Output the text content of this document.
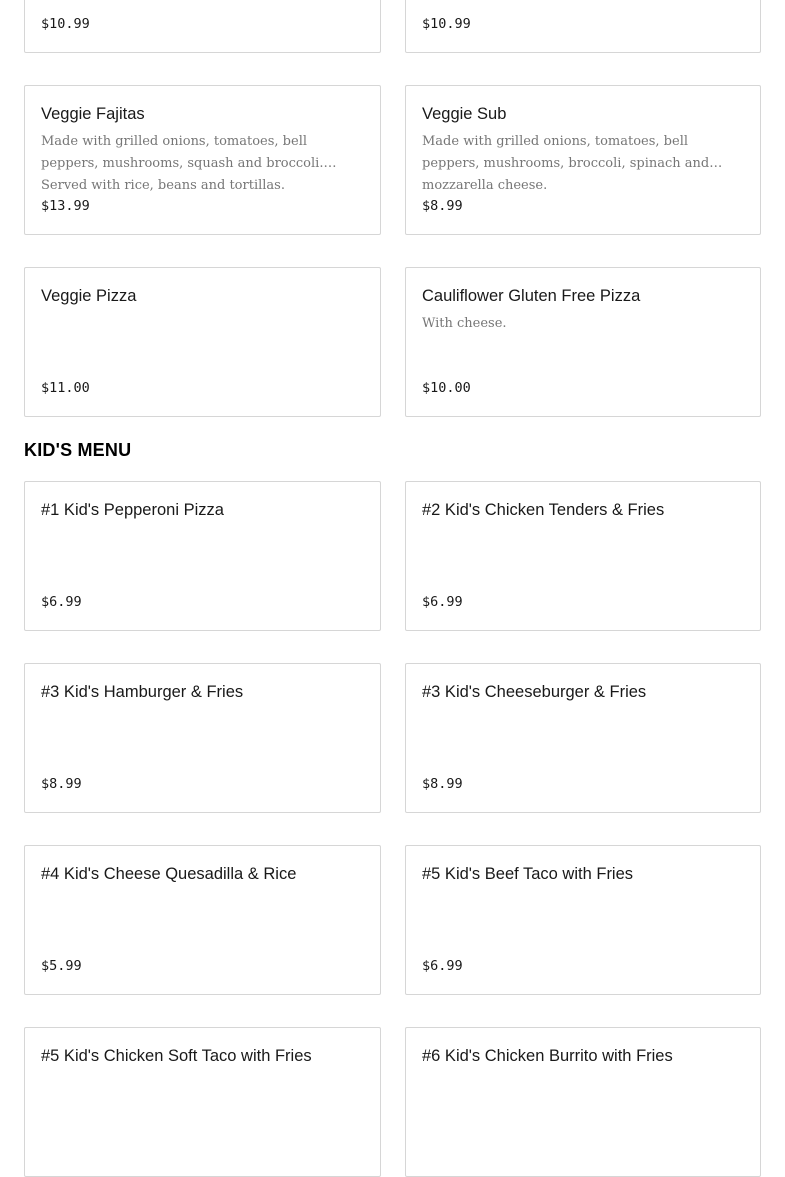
$10.99	$10.99
Veggie Fajitas
Made with grilled onions, tomatoes, bell peppers, mushrooms, squash and broccoli. Served with rice, beans and tortillas.
$13.99
Veggie Sub
Made with grilled onions, tomatoes, bell peppers, mushrooms, broccoli, spinach and mozzarella cheese.
$8.99
Veggie Pizza
$11.00
Cauliflower Gluten Free Pizza
With cheese.
$10.00
KID'S MENU
#1 Kid's Pepperoni Pizza
$6.99
#2 Kid's Chicken Tenders & Fries
$6.99
#3 Kid's Hamburger & Fries
$8.99
#3 Kid's Cheeseburger & Fries
$8.99
#4 Kid's Cheese Quesadilla & Rice
$5.99
#5 Kid's Beef Taco with Fries
$6.99
#5 Kid's Chicken Soft Taco with Fries	#6 Kid's Chicken Burrito with Fries
